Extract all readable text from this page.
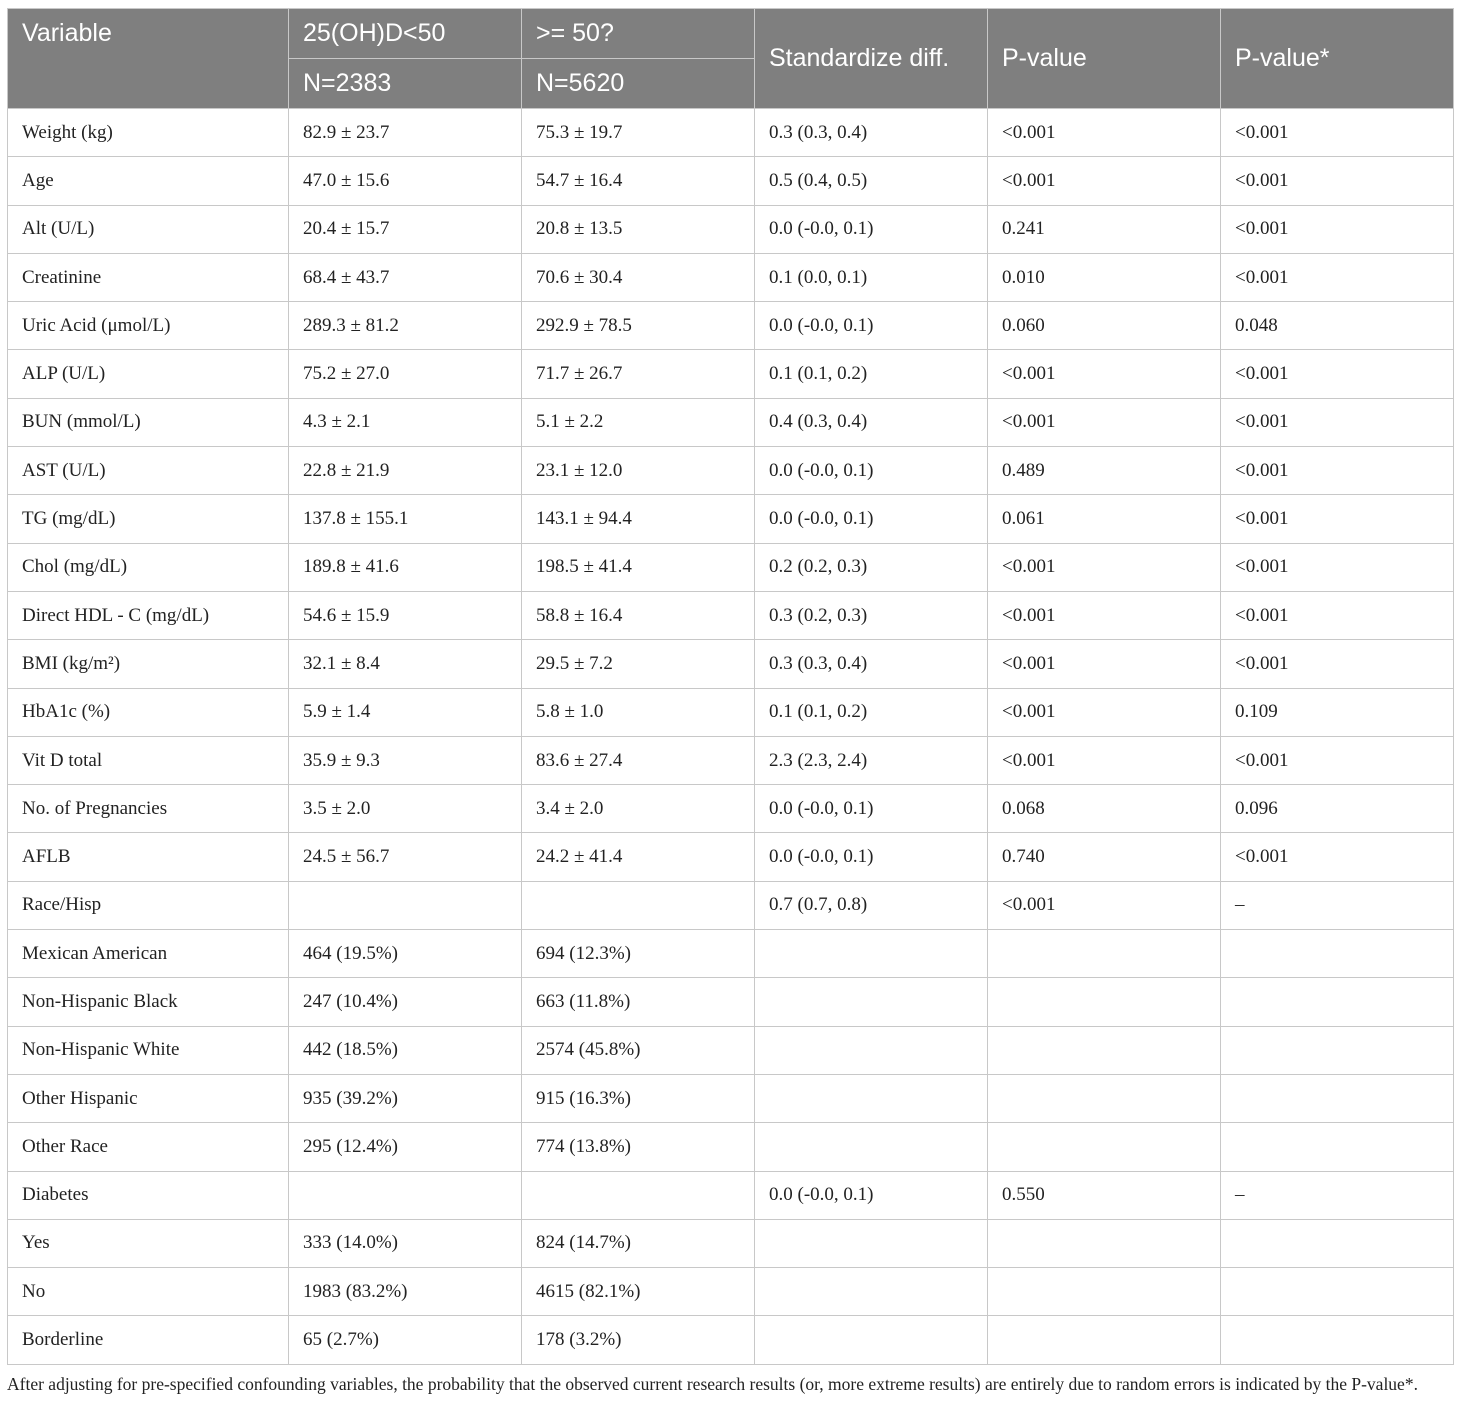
Variable	25(OH)D<50	>= 50?	Standardize diff.	P-value	P-value*
	N=2383	N=5620			
Weight (kg)	82.9 ± 23.7	75.3 ± 19.7	0.3 (0.3, 0.4)	<0.001	<0.001
Age	47.0 ± 15.6	54.7 ± 16.4	0.5 (0.4, 0.5)	<0.001	<0.001
Alt (U/L)	20.4 ± 15.7	20.8 ± 13.5	0.0 (-0.0, 0.1)	0.241	<0.001
Creatinine	68.4 ± 43.7	70.6 ± 30.4	0.1 (0.0, 0.1)	0.010	<0.001
Uric Acid (μmol/L)	289.3 ± 81.2	292.9 ± 78.5	0.0 (-0.0, 0.1)	0.060	0.048
ALP (U/L)	75.2 ± 27.0	71.7 ± 26.7	0.1 (0.1, 0.2)	<0.001	<0.001
BUN (mmol/L)	4.3 ± 2.1	5.1 ± 2.2	0.4 (0.3, 0.4)	<0.001	<0.001
AST (U/L)	22.8 ± 21.9	23.1 ± 12.0	0.0 (-0.0, 0.1)	0.489	<0.001
TG (mg/dL)	137.8 ± 155.1	143.1 ± 94.4	0.0 (-0.0, 0.1)	0.061	<0.001
Chol (mg/dL)	189.8 ± 41.6	198.5 ± 41.4	0.2 (0.2, 0.3)	<0.001	<0.001
Direct HDL - C (mg/dL)	54.6 ± 15.9	58.8 ± 16.4	0.3 (0.2, 0.3)	<0.001	<0.001
BMI (kg/m²)	32.1 ± 8.4	29.5 ± 7.2	0.3 (0.3, 0.4)	<0.001	<0.001
HbA1c (%)	5.9 ± 1.4	5.8 ± 1.0	0.1 (0.1, 0.2)	<0.001	0.109
Vit D total	35.9 ± 9.3	83.6 ± 27.4	2.3 (2.3, 2.4)	<0.001	<0.001
No. of Pregnancies	3.5 ± 2.0	3.4 ± 2.0	0.0 (-0.0, 0.1)	0.068	0.096
AFLB	24.5 ± 56.7	24.2 ± 41.4	0.0 (-0.0, 0.1)	0.740	<0.001
Race/Hisp			0.7 (0.7, 0.8)	<0.001	–
Mexican American	464 (19.5%)	694 (12.3%)			
Non-Hispanic Black	247 (10.4%)	663 (11.8%)			
Non-Hispanic White	442 (18.5%)	2574 (45.8%)			
Other Hispanic	935 (39.2%)	915 (16.3%)			
Other Race	295 (12.4%)	774 (13.8%)			
Diabetes			0.0 (-0.0, 0.1)	0.550	–
Yes	333 (14.0%)	824 (14.7%)			
No	1983 (83.2%)	4615 (82.1%)			
Borderline	65 (2.7%)	178 (3.2%)			
After adjusting for pre-specified confounding variables, the probability that the observed current research results (or, more extreme results) are entirely due to random errors is indicated by the P-value*.
